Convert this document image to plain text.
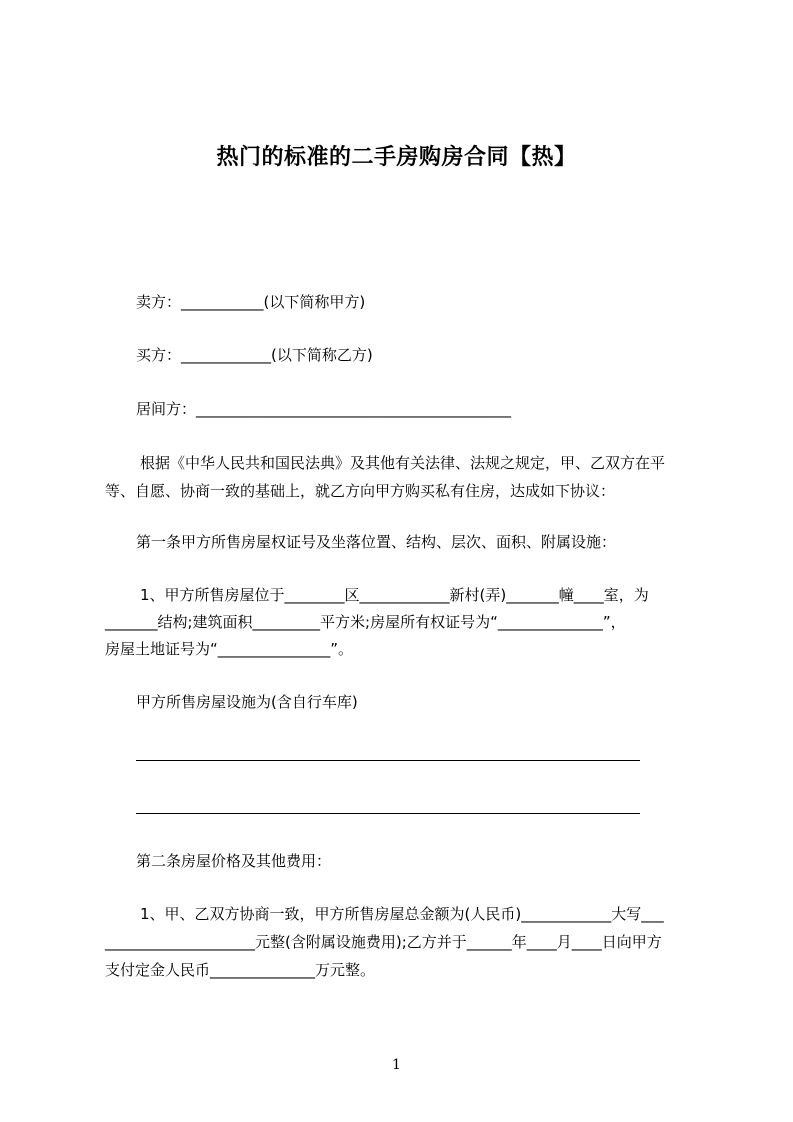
热门的标准的二手房购房合同【热】
卖方：___________(以下简称甲方)
买方：____________(以下简称乙方)
居间方：__________________________________________
根据《中华人民共和国民法典》及其他有关法律、法规之规定，甲、乙双方在平
等、自愿、协商一致的基础上，就乙方向甲方购买私有住房，达成如下协议：
第一条甲方所售房屋权证号及坐落位置、结构、层次、面积、附属设施：
1、甲方所售房屋位于________区____________新村(弄)_______幢____室，为
_______结构;建筑面积_________平方米;房屋所有权证号为“______________”，
房屋土地证号为“_______________”。
甲方所售房屋设施为(含自行车库)
第二条房屋价格及其他费用：
1、甲、乙双方协商一致，甲方所售房屋总金额为(人民币)____________大写___
____________________元整(含附属设施费用);乙方并于______年____月____日向甲方
支付定金人民币______________万元整。
1
